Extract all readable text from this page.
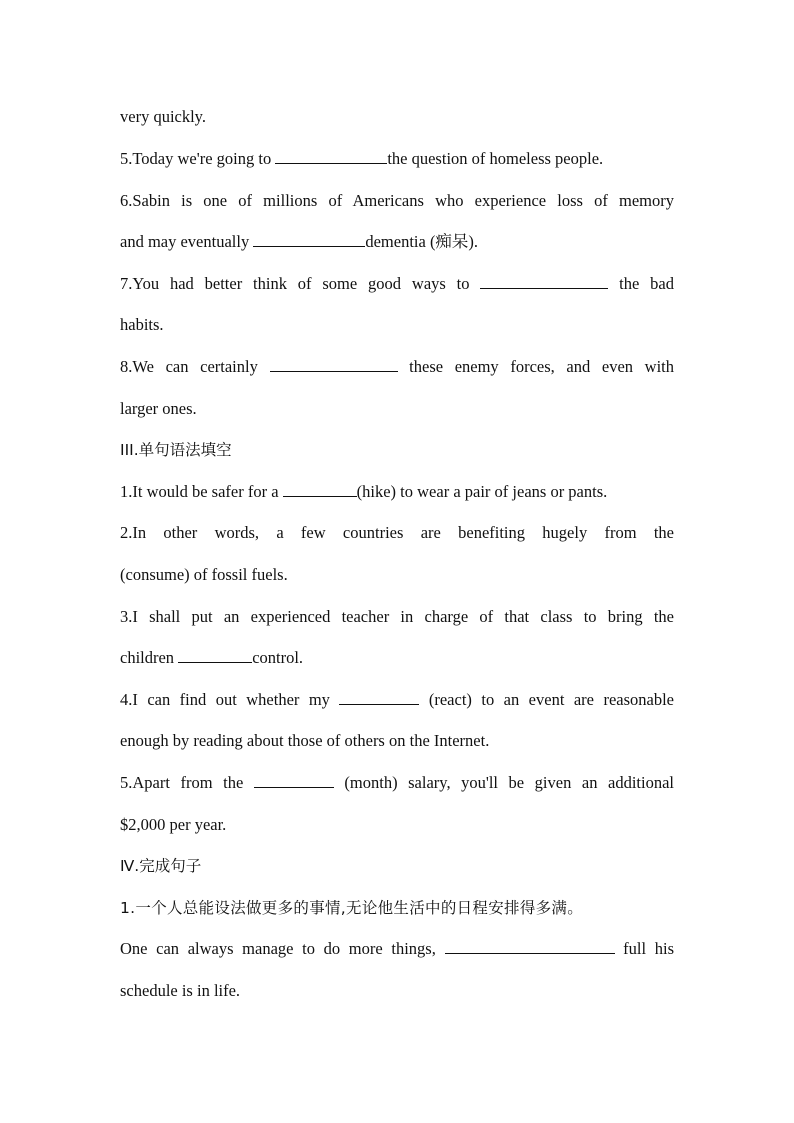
very quickly.
5.Today we're going to	the question of homeless people.
6.Sabin is one of millions of Americans who experience loss of memory
and may eventually	dementia (痴呆).
7.You had better think of some good ways to	the bad
habits.
8.We can certainly	these enemy forces, and even with
larger ones.
III.单句语法填空
1.It would be safer for a	(hike) to wear a pair of jeans or pants.
2.In other words, a few countries are benefiting hugely from the
(consume) of fossil fuels.
3.I shall put an experienced teacher in charge of that class to bring the
children	control.
4.I can find out whether my	(react) to an event are reasonable
enough by reading about those of others on the Internet.
5.Apart from the	(month) salary, you'll be given an additional
$2,000 per year.
Ⅳ.完成句子
1.一个人总能设法做更多的事情,无论他生活中的日程安排得多满。
One can always manage to do more things,	full his
schedule is in life.
